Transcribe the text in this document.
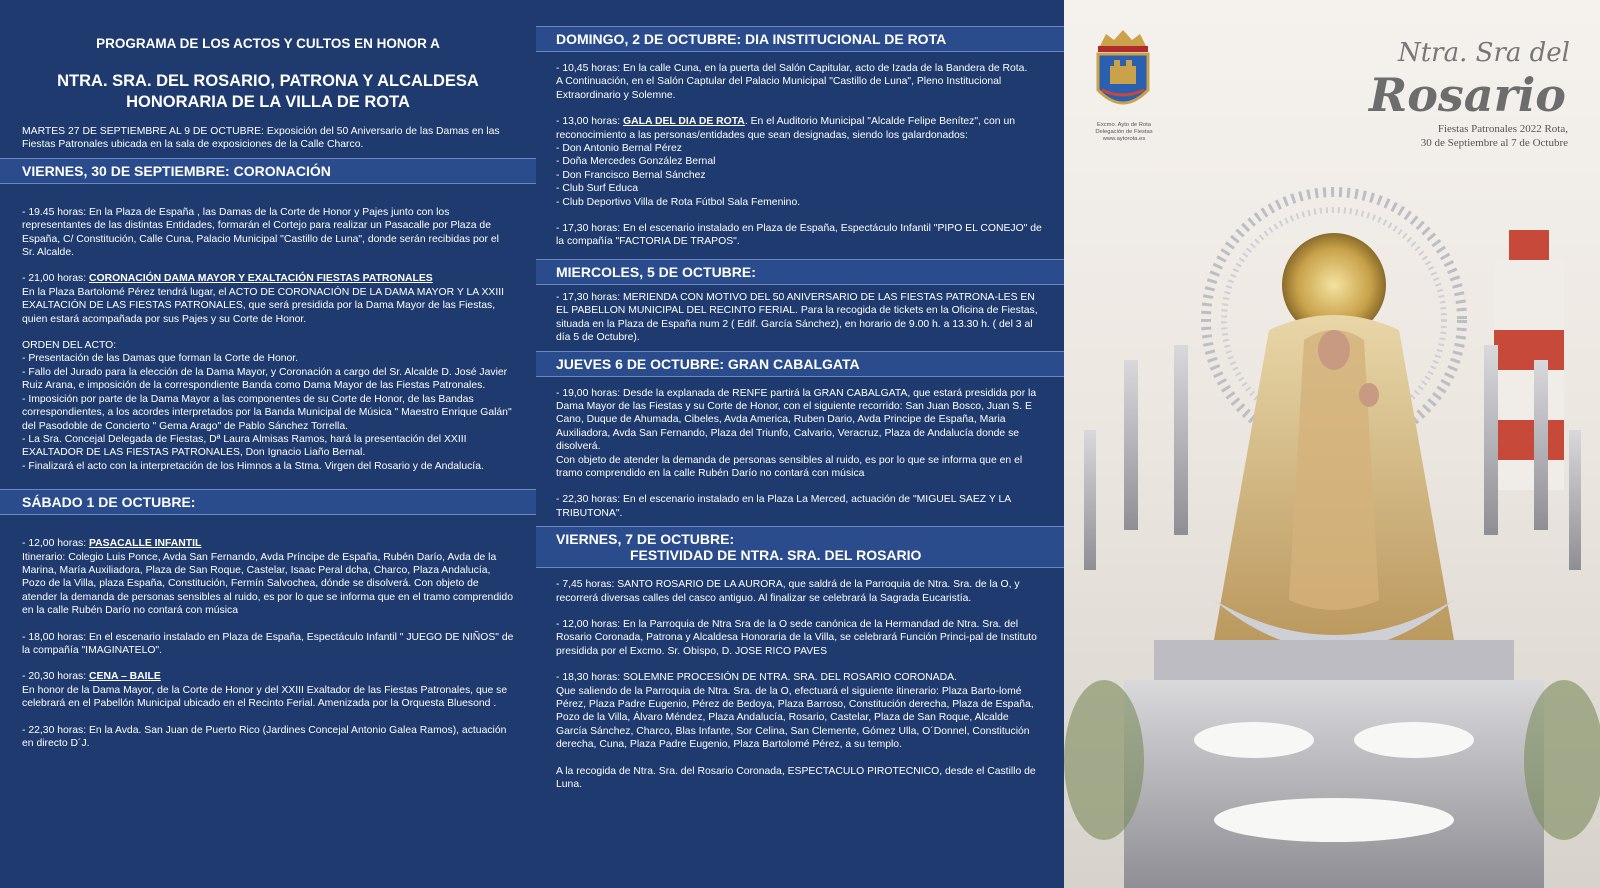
PROGRAMA DE LOS ACTOS Y CULTOS EN HONOR A
NTRA. SRA. DEL ROSARIO, PATRONA Y ALCALDESA HONORARIA DE LA VILLA DE ROTA

MARTES 27 DE SEPTIEMBRE AL 9 DE OCTUBRE: Exposición del 50 Aniversario de las Damas en las Fiestas Patronales ubicada en la sala de exposiciones de la Calle Charco.

VIERNES, 30 DE SEPTIEMBRE: CORONACIÓN

- 19.45 horas: En la Plaza de España , las Damas de la Corte de Honor y Pajes junto con los representantes de las distintas Entidades, formarán el Cortejo para realizar un Pasacalle por Plaza de España, C/ Constitución, Calle Cuna, Palacio Municipal "Castillo de Luna", donde serán recibidas por el Sr. Alcalde.

- 21,00 horas: CORONACIÓN DAMA MAYOR Y EXALTACIÓN FIESTAS PATRONALES

En la Plaza Bartolomé Pérez tendrá lugar, el ACTO DE CORONACIÓN DE LA DAMA MAYOR Y LA XXIII EXALTACIÓN DE LAS FIESTAS PATRONALES, que será presidida por la Dama Mayor de las Fiestas, quien estará acompañada por sus Pajes y su Corte de Honor.

ORDEN DEL ACTO:

- Presentación de las Damas que forman la Corte de Honor.

- Fallo del Jurado para la elección de la Dama Mayor, y Coronación a cargo del Sr. Alcalde D. José Javier Ruiz Arana, e imposición de la correspondiente Banda como Dama Mayor de las Fiestas Patronales.

- Imposición por parte de la Dama Mayor a las componentes de su Corte de Honor, de las Bandas correspondientes, a los acordes interpretados por la Banda Municipal de Música " Maestro Enrique Galán" del Pasodoble de Concierto " Gema Arago" de Pablo Sánchez Torrella.

- La Sra. Concejal Delegada de Fiestas, Dª Laura Almisas Ramos, hará la presentación del XXIII EXALTADOR DE LAS FIESTAS PATRONALES, Don Ignacio Liaño Bernal.

- Finalizará el acto con la interpretación de los Himnos a la Stma. Virgen del Rosario y de Andalucía.

SÁBADO 1 DE OCTUBRE:

- 12,00 horas: PASACALLE INFANTIL

Itinerario: Colegio Luis Ponce, Avda San Fernando, Avda Príncipe de España, Rubén Darío, Avda de la Marina, María Auxiliadora, Plaza de San Roque, Castelar, Isaac Peral dcha, Charco, Plaza Andalucía, Pozo de la Villa, plaza España, Constitución, Fermín Salvochea, dónde se disolverá. Con objeto de atender la demanda de personas sensibles al ruido, es por lo que se informa que en el tramo comprendido en la calle Rubén Darío no contará con música

- 18,00 horas: En el escenario instalado en Plaza de España, Espectáculo Infantil " JUEGO DE NIÑOS" de la compañía "IMAGINATELO".

- 20,30 horas: CENA – BAILE

En honor de la Dama Mayor, de la Corte de Honor y del XXIII Exaltador de las Fiestas Patronales, que se celebrará en el Pabellón Municipal ubicado en el Recinto Ferial. Amenizada por la Orquesta Bluesond .

- 22,30 horas: En la Avda. San Juan de Puerto Rico (Jardines Concejal Antonio Galea Ramos), actuación en directo D´J.

DOMINGO, 2 DE OCTUBRE: DIA INSTITUCIONAL DE ROTA

- 10,45 horas: En la calle Cuna, en la puerta del Salón Capitular, acto de Izada de la Bandera de Rota.

A Continuación, en el Salón Captular del Palacio Municipal "Castillo de Luna", Pleno Institucional Extraordinario y Solemne.

- 13,00 horas: GALA DEL DIA DE ROTA. En el Auditorio Municipal "Alcalde Felipe Benítez", con un reconocimiento a las personas/entidades que sean designadas, siendo los galardonados:

- Don Antonio Bernal Pérez

- Doña Mercedes González Bernal

- Don Francisco Bernal Sánchez

- Club Surf Educa

- Club Deportivo Villa de Rota Fútbol Sala Femenino.

- 17,30 horas: En el escenario instalado en Plaza de España, Espectáculo Infantil "PIPO EL CONEJO" de la compañía "FACTORIA DE TRAPOS".

MIERCOLES, 5 DE OCTUBRE:

- 17,30 horas: MERIENDA CON MOTIVO DEL 50 ANIVERSARIO DE LAS FIESTAS PATRONA-LES EN EL PABELLON MUNICIPAL DEL RECINTO FERIAL. Para la recogida de tickets en la Oficina de Fiestas, situada en la Plaza de España num 2 ( Edif. García Sánchez), en horario de 9.00 h. a 13.30 h. ( del 3 al día 5 de Octubre).

JUEVES 6 DE OCTUBRE: GRAN CABALGATA

- 19,00 horas: Desde la explanada de RENFE partirá la GRAN CABALGATA, que estará presidida por la Dama Mayor de las Fiestas y su Corte de Honor, con el siguiente recorrido: San Juan Bosco, Juan S. E Cano, Duque de Ahumada, Cibeles, Avda America, Ruben Dario, Avda Principe de España, Maria Auxiliadora, Avda San Fernando, Plaza del Triunfo, Calvario, Veracruz, Plaza de Andalucía donde se disolverá.

Con objeto de atender la demanda de personas sensibles al ruido, es por lo que se informa que en el tramo comprendido en la calle Rubén Darío no contará con música

- 22,30 horas: En el escenario instalado en la Plaza La Merced, actuación de "MIGUEL SAEZ Y LA TRIBUTONA".

VIERNES, 7 DE OCTUBRE:

FESTIVIDAD DE NTRA. SRA. DEL ROSARIO

- 7,45 horas: SANTO ROSARIO DE LA AURORA, que saldrá de la Parroquia de Ntra. Sra. de la O, y recorrerá diversas calles del casco antiguo. Al finalizar se celebrará la Sagrada Eucaristía.

- 12,00 horas: En la Parroquia de Ntra Sra de la O sede canónica de la Hermandad de Ntra. Sra. del Rosario Coronada, Patrona y Alcaldesa Honoraria de la Villa, se celebrará Función Princi-pal de Instituto presidida por el Excmo. Sr. Obispo, D. JOSE RICO PAVES

- 18,30 horas: SOLEMNE PROCESIÓN DE NTRA. SRA. DEL ROSARIO CORONADA.

Que saliendo de la Parroquia de Ntra. Sra. de la O, efectuará el siguiente itinerario: Plaza Barto-lomé Pérez, Plaza Padre Eugenio, Pérez de Bedoya, Plaza Barroso, Constitución derecha, Plaza de España, Pozo de la Villa, Álvaro Méndez, Plaza Andalucía, Rosario, Castelar, Plaza de San Roque, Alcalde García Sánchez, Charco, Blas Infante, Sor Celina, San Clemente, Gómez Ulla, O´Donnel, Constitución derecha, Cuna, Plaza Padre Eugenio, Plaza Bartolomé Pérez, a su templo.

A la recogida de Ntra. Sra. del Rosario Coronada, ESPECTACULO PIROTECNICO, desde el Castillo de Luna.

Excmo. Ayto de Rota
Delegación de Fiestas
www.aytorota.es
Ntra. Sra del
Rosario
Fiestas Patronales 2022 Rota,
30 de Septiembre al 7 de Octubre
